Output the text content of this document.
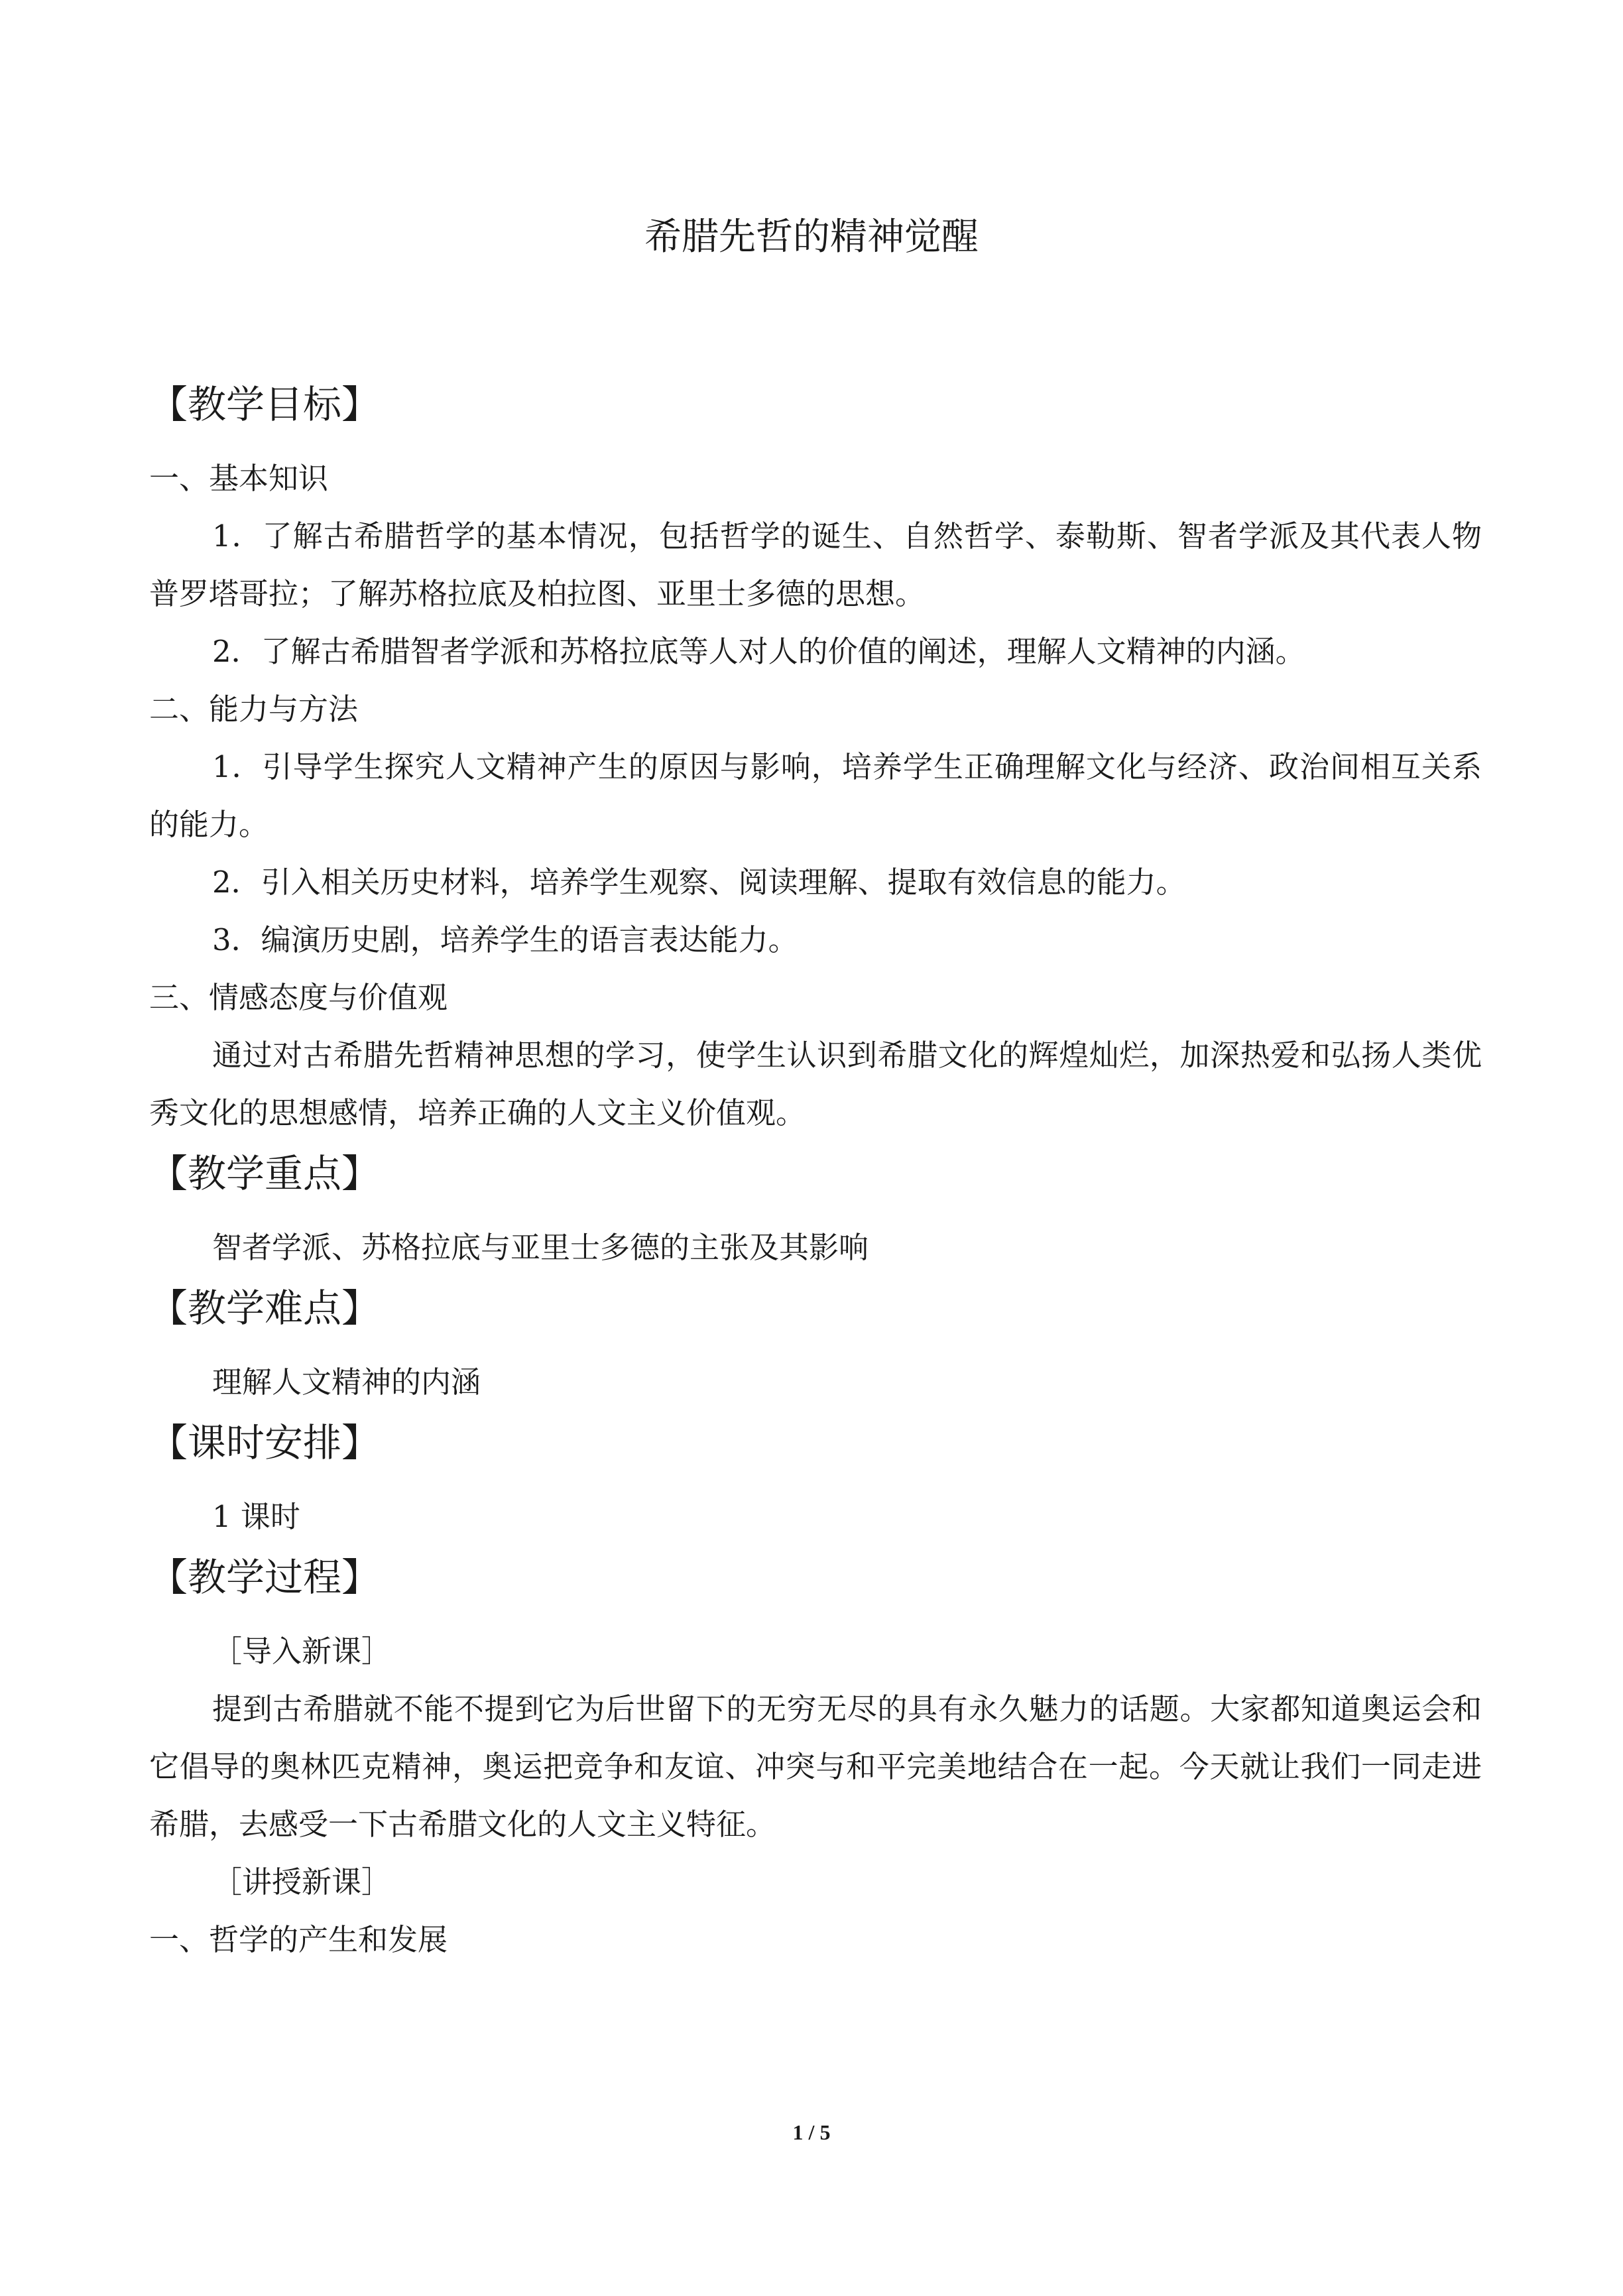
希腊先哲的精神觉醒
【教学目标】

一、基本知识

1．了解古希腊哲学的基本情况，包括哲学的诞生、自然哲学、泰勒斯、智者学派及其代表人物普罗塔哥拉；了解苏格拉底及柏拉图、亚里士多德的思想。

2．了解古希腊智者学派和苏格拉底等人对人的价值的阐述，理解人文精神的内涵。

二、能力与方法

1．引导学生探究人文精神产生的原因与影响，培养学生正确理解文化与经济、政治间相互关系的能力。

2．引入相关历史材料，培养学生观察、阅读理解、提取有效信息的能力。

3．编演历史剧，培养学生的语言表达能力。

三、情感态度与价值观

通过对古希腊先哲精神思想的学习，使学生认识到希腊文化的辉煌灿烂，加深热爱和弘扬人类优秀文化的思想感情，培养正确的人文主义价值观。

【教学重点】

智者学派、苏格拉底与亚里士多德的主张及其影响

【教学难点】

理解人文精神的内涵

【课时安排】

1 课时

【教学过程】

［导入新课］

提到古希腊就不能不提到它为后世留下的无穷无尽的具有永久魅力的话题。大家都知道奥运会和它倡导的奥林匹克精神，奥运把竞争和友谊、冲突与和平完美地结合在一起。今天就让我们一同走进希腊，去感受一下古希腊文化的人文主义特征。

［讲授新课］

一、哲学的产生和发展

1 / 5
